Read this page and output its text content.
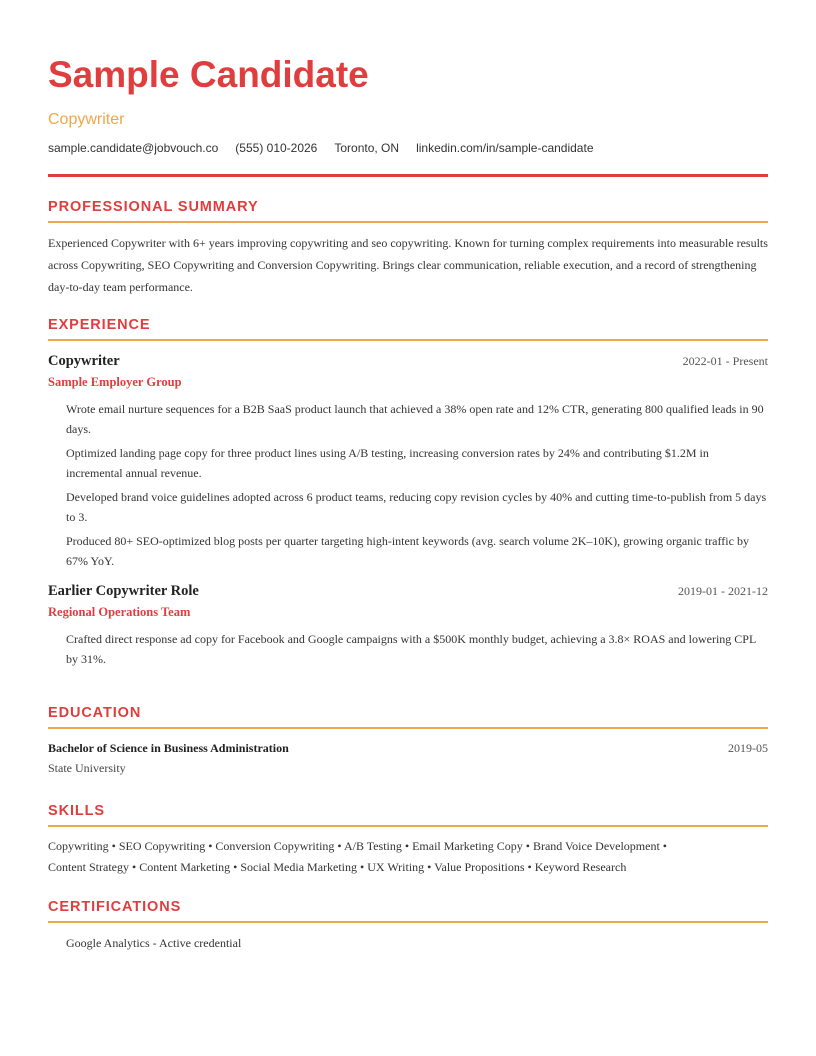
Sample Candidate
Copywriter
sample.candidate@jobvouch.co (555) 010-2026 Toronto, ON linkedin.com/in/sample-candidate
PROFESSIONAL SUMMARY
Experienced Copywriter with 6+ years improving copywriting and seo copywriting. Known for turning complex requirements into measurable results across Copywriting, SEO Copywriting and Conversion Copywriting. Brings clear communication, reliable execution, and a record of strengthening day-to-day team performance.
EXPERIENCE
Copywriter	2022-01 - Present
Sample Employer Group
Wrote email nurture sequences for a B2B SaaS product launch that achieved a 38% open rate and 12% CTR, generating 800 qualified leads in 90 days.
Optimized landing page copy for three product lines using A/B testing, increasing conversion rates by 24% and contributing $1.2M in incremental annual revenue.
Developed brand voice guidelines adopted across 6 product teams, reducing copy revision cycles by 40% and cutting time-to-publish from 5 days to 3.
Produced 80+ SEO-optimized blog posts per quarter targeting high-intent keywords (avg. search volume 2K–10K), growing organic traffic by 67% YoY.
Earlier Copywriter Role	2019-01 - 2021-12
Regional Operations Team
Crafted direct response ad copy for Facebook and Google campaigns with a $500K monthly budget, achieving a 3.8× ROAS and lowering CPL by 31%.
EDUCATION
Bachelor of Science in Business Administration	2019-05
State University
SKILLS
Copywriting • SEO Copywriting • Conversion Copywriting • A/B Testing • Email Marketing Copy • Brand Voice Development •
Content Strategy • Content Marketing • Social Media Marketing • UX Writing • Value Propositions • Keyword Research
CERTIFICATIONS
Google Analytics - Active credential
